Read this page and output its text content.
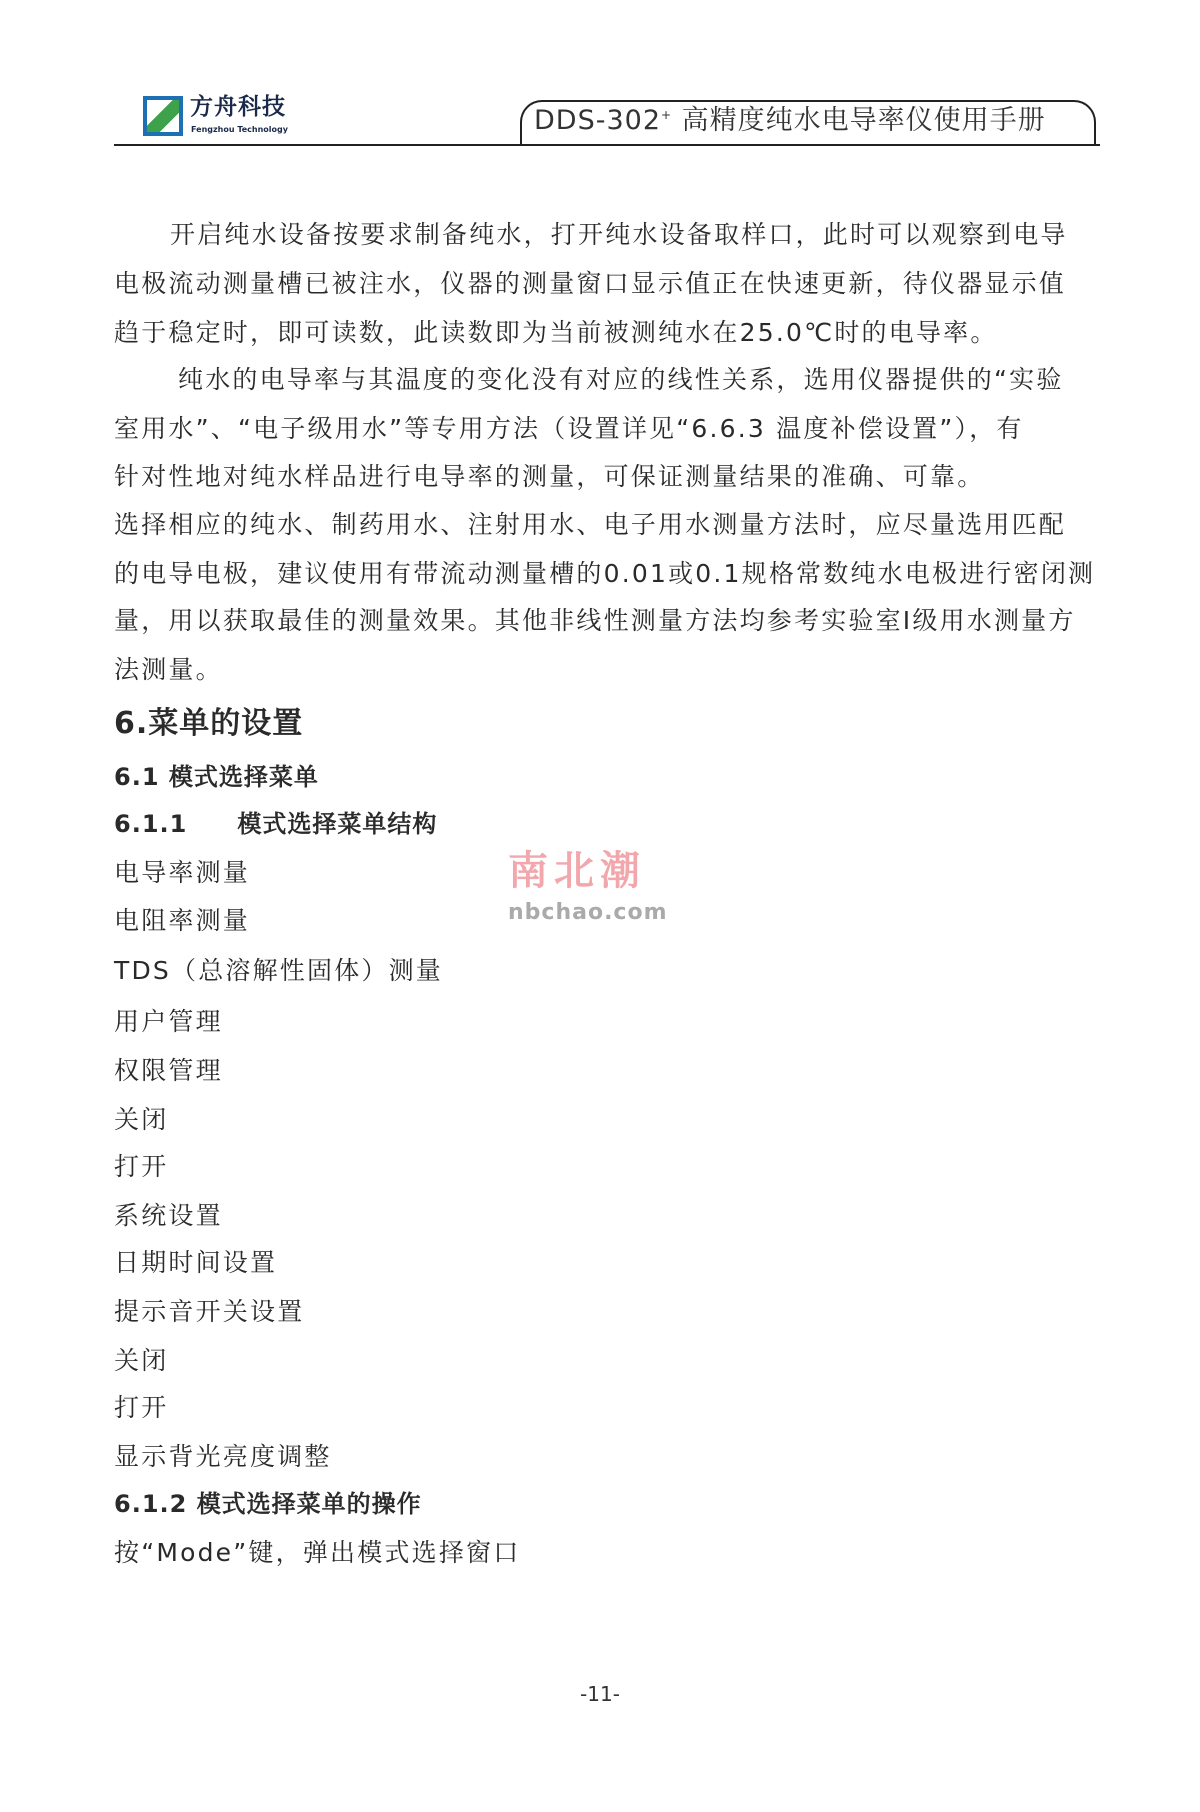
方舟科技
Fengzhou Technology	DDS-302+ 高精度纯水电导率仪使用手册
开启纯水设备按要求制备纯水，打开纯水设备取样口，此时可以观察到电导
电极流动测量槽已被注水，仪器的测量窗口显示值正在快速更新，待仪器显示值
趋于稳定时，即可读数，此读数即为当前被测纯水在25.0℃时的电导率。
纯水的电导率与其温度的变化没有对应的线性关系，选用仪器提供的“实验
室用水”、“电子级用水”等专用方法（设置详见“6.6.3 温度补偿设置”），有
针对性地对纯水样品进行电导率的测量，可保证测量结果的准确、可靠。
选择相应的纯水、制药用水、注射用水、电子用水测量方法时，应尽量选用匹配
的电导电极，建议使用有带流动测量槽的0.01或0.1规格常数纯水电极进行密闭测
量，用以获取最佳的测量效果。其他非线性测量方法均参考实验室Ⅰ级用水测量方
法测量。
6.菜单的设置
6.1 模式选择菜单
6.1.1　　模式选择菜单结构
电导率测量
电阻率测量
TDS（总溶解性固体）测量
用户管理
权限管理
关闭
打开
系统设置
日期时间设置
提示音开关设置
关闭
打开
显示背光亮度调整
6.1.2 模式选择菜单的操作
按“Mode”键，弹出模式选择窗口
南北潮
nbchao.com
-11-
